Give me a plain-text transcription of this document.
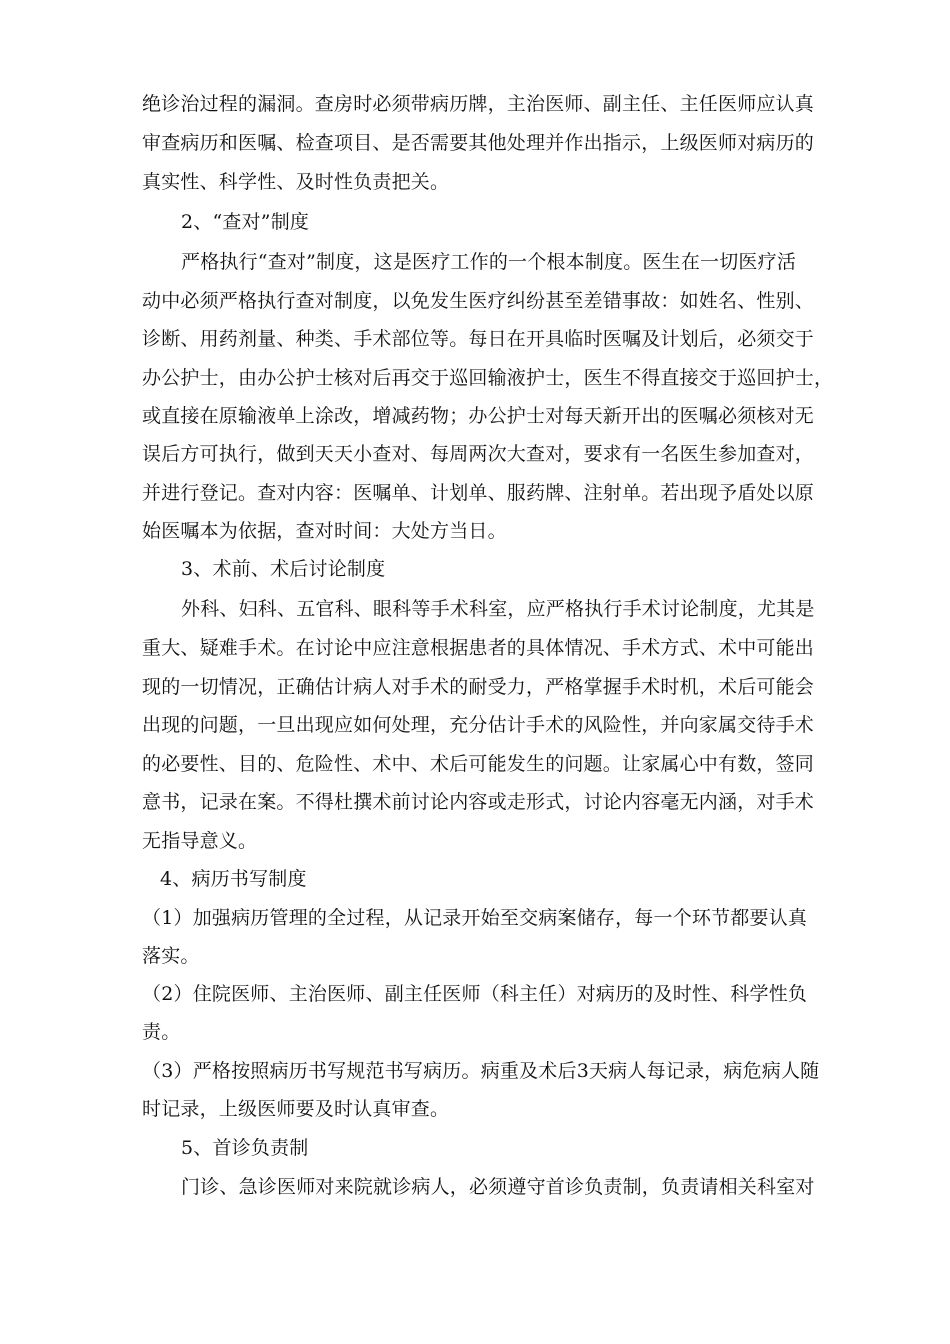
绝诊治过程的漏洞。查房时必须带病历牌，主治医师、副主任、主任医师应认真
审查病历和医嘱、检查项目、是否需要其他处理并作出指示，上级医师对病历的
真实性、科学性、及时性负责把关。
2、“查对”制度
严格执行“查对”制度，这是医疗工作的一个根本制度。医生在一切医疗活
动中必须严格执行查对制度，以免发生医疗纠纷甚至差错事故：如姓名、性别、
诊断、用药剂量、种类、手术部位等。每日在开具临时医嘱及计划后，必须交于
办公护士，由办公护士核对后再交于巡回输液护士，医生不得直接交于巡回护士，
或直接在原输液单上涂改，增减药物；办公护士对每天新开出的医嘱必须核对无
误后方可执行，做到天天小查对、每周两次大查对，要求有一名医生参加查对，
并进行登记。查对内容：医嘱单、计划单、服药牌、注射单。若出现予盾处以原
始医嘱本为依据，查对时间：大处方当日。
3、术前、术后讨论制度
外科、妇科、五官科、眼科等手术科室，应严格执行手术讨论制度，尤其是
重大、疑难手术。在讨论中应注意根据患者的具体情况、手术方式、术中可能出
现的一切情况，正确估计病人对手术的耐受力，严格掌握手术时机，术后可能会
出现的问题，一旦出现应如何处理，充分估计手术的风险性，并向家属交待手术
的必要性、目的、危险性、术中、术后可能发生的问题。让家属心中有数，签同
意书，记录在案。不得杜撰术前讨论内容或走形式，讨论内容毫无内涵，对手术
无指导意义。
4、病历书写制度
（1）加强病历管理的全过程，从记录开始至交病案储存，每一个环节都要认真
落实。
（2）住院医师、主治医师、副主任医师（科主任）对病历的及时性、科学性负
责。
（3）严格按照病历书写规范书写病历。病重及术后3天病人每记录，病危病人随
时记录，上级医师要及时认真审查。
5、首诊负责制
门诊、急诊医师对来院就诊病人，必须遵守首诊负责制，负责请相关科室对
